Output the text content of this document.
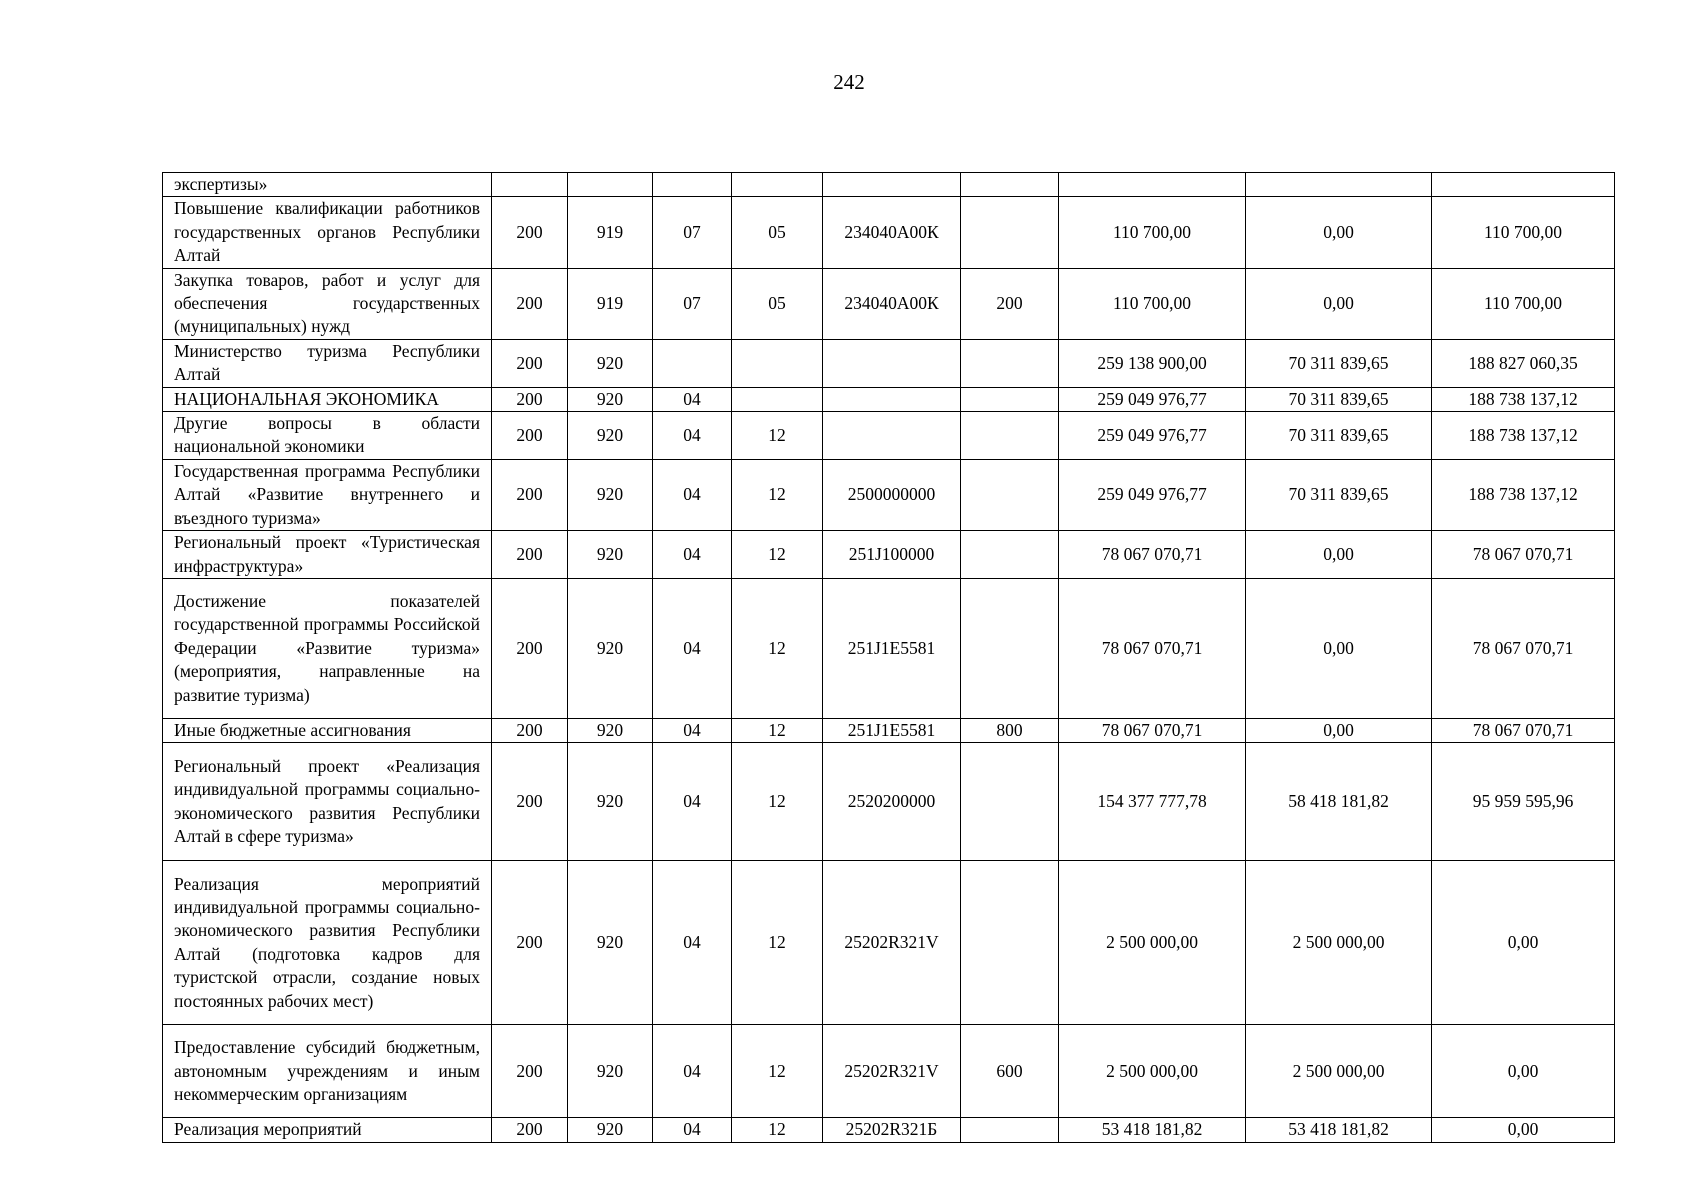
242
экспертизы»									
Повышение квалификации работников государственных органов Республики Алтай	200	919	07	05	234040А00К		110 700,00	0,00	110 700,00
Закупка товаров, работ и услуг для обеспечения государственных (муниципальных) нужд	200	919	07	05	234040А00К	200	110 700,00	0,00	110 700,00
Министерство туризма Республики Алтай	200	920					259 138 900,00	70 311 839,65	188 827 060,35
НАЦИОНАЛЬНАЯ ЭКОНОМИКА	200	920	04				259 049 976,77	70 311 839,65	188 738 137,12
Другие вопросы в области национальной экономики	200	920	04	12			259 049 976,77	70 311 839,65	188 738 137,12
Государственная программа Республики Алтай «Развитие внутреннего и въездного туризма»	200	920	04	12	2500000000		259 049 976,77	70 311 839,65	188 738 137,12
Региональный проект «Туристическая инфраструктура»	200	920	04	12	251J100000		78 067 070,71	0,00	78 067 070,71
Достижение показателей государственной программы Российской Федерации «Развитие туризма» (мероприятия, направленные на развитие туризма)	200	920	04	12	251J1E5581		78 067 070,71	0,00	78 067 070,71
Иные бюджетные ассигнования	200	920	04	12	251J1E5581	800	78 067 070,71	0,00	78 067 070,71
Региональный проект «Реализация индивидуальной программы социально-экономического развития Республики Алтай в сфере туризма»	200	920	04	12	2520200000		154 377 777,78	58 418 181,82	95 959 595,96
Реализация мероприятий индивидуальной программы социально-экономического развития Республики Алтай (подготовка кадров для туристской отрасли, создание новых постоянных рабочих мест)	200	920	04	12	25202R321V		2 500 000,00	2 500 000,00	0,00
Предоставление субсидий бюджетным, автономным учреждениям и иным некоммерческим организациям	200	920	04	12	25202R321V	600	2 500 000,00	2 500 000,00	0,00
Реализация мероприятий	200	920	04	12	25202R321Б		53 418 181,82	53 418 181,82	0,00
